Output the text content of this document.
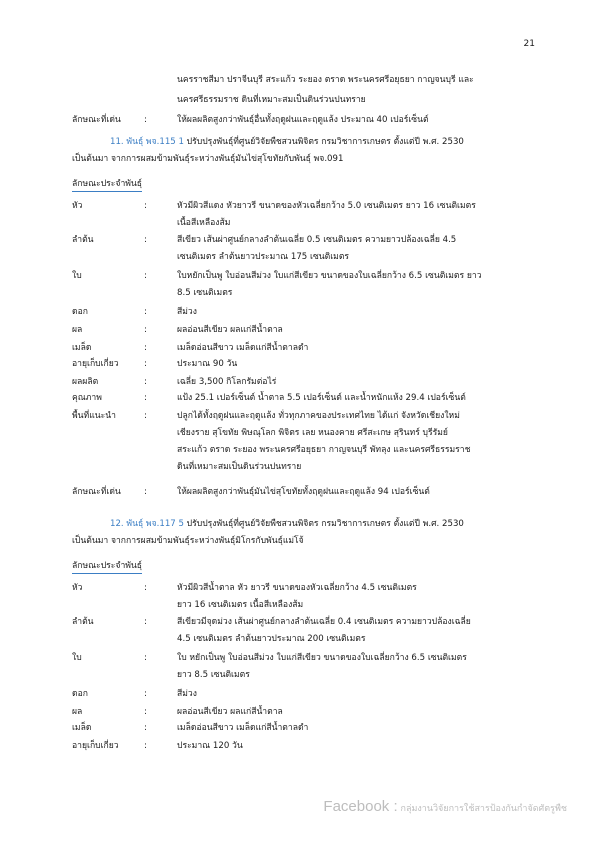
21
นครราชสีมา ปราจีนบุรี สระแก้ว ระยอง ตราด พระนครศรีอยุธยา กาญจนบุรี และ
นครศรีธรรมราช ดินที่เหมาะสมเป็นดินร่วนปนทราย
ลักษณะที่เด่น	:	ให้ผลผลิตสูงกว่าพันธุ์อื่นทั้งฤดูฝนและฤดูแล้ง ประมาณ 40 เปอร์เซ็นต์
11. พันธุ์ พจ.115 1 ปรับปรุงพันธุ์ที่ศูนย์วิจัยพืชสวนพิจิตร กรมวิชาการเกษตร ตั้งแต่ปี พ.ศ. 2530
เป็นต้นมา จากการผสมข้ามพันธุ์ระหว่างพันธุ์มันไข่สุโขทัยกับพันธุ์ พจ.091
ลักษณะประจำพันธุ์
หัว	:	หัวมีผิวสีแดง หัวยาวรี ขนาดของหัวเฉลี่ยกว้าง 5.0 เซนติเมตร ยาว 16 เซนติเมตร
เนื้อสีเหลืองส้ม
ลำต้น	:	สีเขียว เส้นผ่าศูนย์กลางลำต้นเฉลี่ย 0.5 เซนติเมตร ความยาวปล้องเฉลี่ย 4.5
เซนติเมตร ลำต้นยาวประมาณ 175 เซนติเมตร
ใบ	:	ใบหยักเป็นพู ใบอ่อนสีม่วง ใบแก่สีเขียว ขนาดของใบเฉลี่ยกว้าง 6.5 เซนติเมตร ยาว
8.5 เซนติเมตร
ดอก	:	สีม่วง
ผล	:	ผลอ่อนสีเขียว ผลแก่สีน้ำตาล
เมล็ด	:	เมล็ดอ่อนสีขาว เมล็ดแก่สีน้ำตาลดำ
อายุเก็บเกี่ยว	:	ประมาณ 90 วัน
ผลผลิต	:	เฉลี่ย 3,500 กิโลกรัมต่อไร่
คุณภาพ	:	แป้ง 25.1 เปอร์เซ็นต์ น้ำตาล 5.5 เปอร์เซ็นต์ และน้ำหนักแห้ง 29.4 เปอร์เซ็นต์
พื้นที่แนะนำ	:	ปลูกได้ทั้งฤดูฝนและฤดูแล้ง ทั่วทุกภาคของประเทศไทย ได้แก่ จังหวัดเชียงใหม่
เชียงราย สุโขทัย พิษณุโลก พิจิตร เลย หนองคาย ศรีสะเกษ สุรินทร์ บุรีรัมย์
สระแก้ว ตราด ระยอง พระนครศรีอยุธยา กาญจนบุรี พัทลุง และนครศรีธรรมราช
ดินที่เหมาะสมเป็นดินร่วนปนทราย
ลักษณะที่เด่น	:	ให้ผลผลิตสูงกว่าพันธุ์มันไข่สุโขทัยทั้งฤดูฝนและฤดูแล้ง 94 เปอร์เซ็นต์
12. พันธุ์ พจ.117 5 ปรับปรุงพันธุ์ที่ศูนย์วิจัยพืชสวนพิจิตร กรมวิชาการเกษตร ตั้งแต่ปี พ.ศ. 2530
เป็นต้นมา จากการผสมข้ามพันธุ์ระหว่างพันธุ์มิโกรกับพันธุ์แม่โจ้
ลักษณะประจำพันธุ์
หัว	:	หัวมีผิวสีน้ำตาล หัว ยาวรี ขนาดของหัวเฉลี่ยกว้าง 4.5 เซนติเมตร
ยาว 16 เซนติเมตร เนื้อสีเหลืองส้ม
ลำต้น	:	สีเขียวมีจุดม่วง เส้นผ่าศูนย์กลางลำต้นเฉลี่ย 0.4 เซนติเมตร ความยาวปล้องเฉลี่ย
4.5 เซนติเมตร ลำต้นยาวประมาณ 200 เซนติเมตร
ใบ	:	ใบ หยักเป็นพู ใบอ่อนสีม่วง ใบแก่สีเขียว ขนาดของใบเฉลี่ยกว้าง 6.5 เซนติเมตร
ยาว 8.5 เซนติเมตร
ดอก	:	สีม่วง
ผล	:	ผลอ่อนสีเขียว ผลแก่สีน้ำตาล
เมล็ด	:	เมล็ดอ่อนสีขาว เมล็ดแก่สีน้ำตาลดำ
อายุเก็บเกี่ยว	:	ประมาณ 120 วัน
Facebook : กลุ่มงานวิจัยการใช้สารป้องกันกำจัดศัตรูพืช
